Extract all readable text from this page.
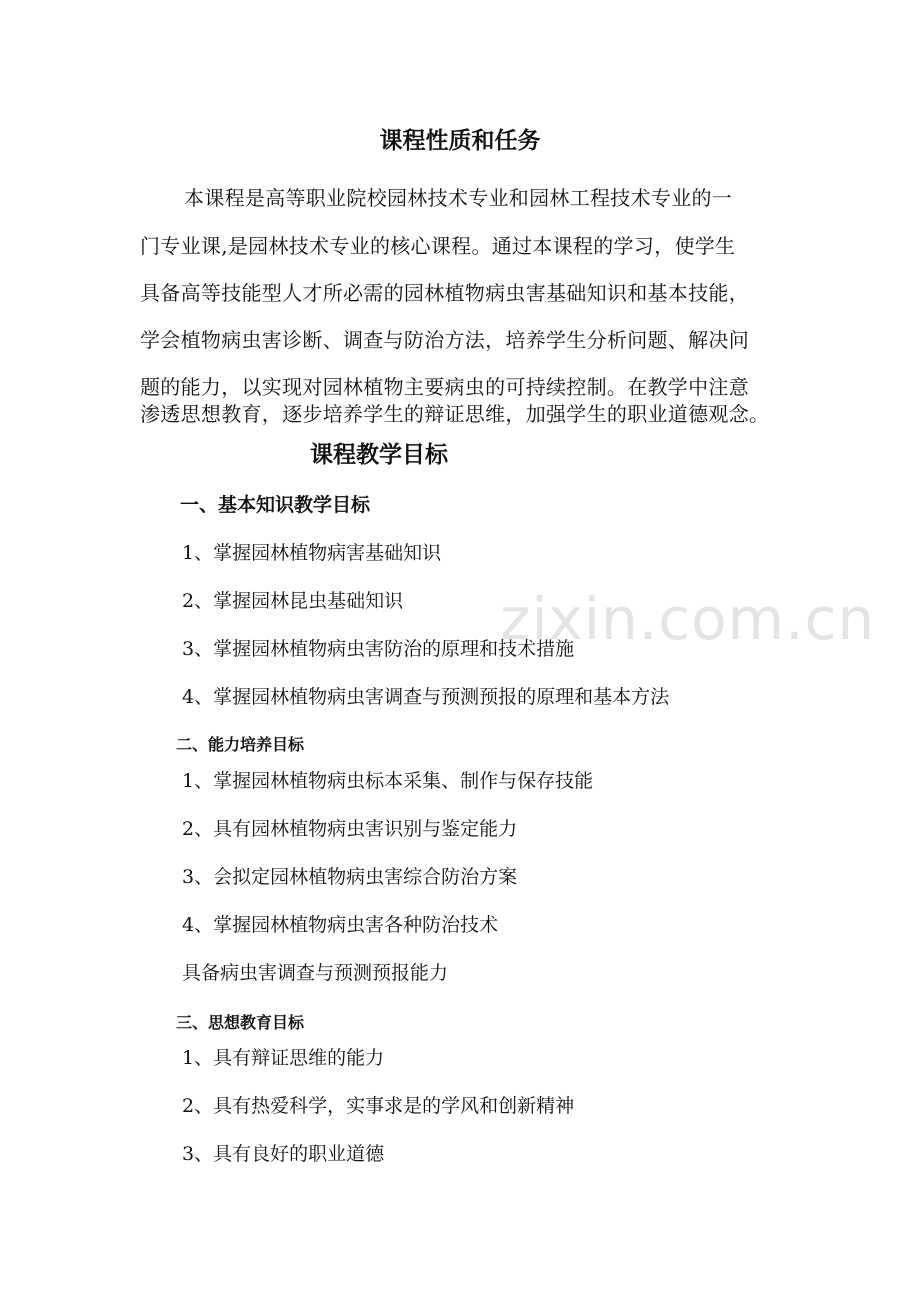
zixin.com.cn
课程性质和任务

本课程是高等职业院校园林技术专业和园林工程技术专业的一

门专业课,是园林技术专业的核心课程。通过本课程的学习，使学生

具备高等技能型人才所必需的园林植物病虫害基础知识和基本技能，

学会植物病虫害诊断、调查与防治方法，培养学生分析问题、解决问

题的能力，以实现对园林植物主要病虫的可持续控制。在教学中注意

渗透思想教育，逐步培养学生的辩证思维，加强学生的职业道德观念。

课程教学目标
一、基本知识教学目标
1、掌握园林植物病害基础知识
2、掌握园林昆虫基础知识
3、掌握园林植物病虫害防治的原理和技术措施
4、掌握园林植物病虫害调查与预测预报的原理和基本方法
二、能力培养目标
1、掌握园林植物病虫标本采集、制作与保存技能
2、具有园林植物病虫害识别与鉴定能力
3、会拟定园林植物病虫害综合防治方案
4、掌握园林植物病虫害各种防治技术
具备病虫害调查与预测预报能力
三、思想教育目标
1、具有辩证思维的能力
2、具有热爱科学，实事求是的学风和创新精神
3、具有良好的职业道德
